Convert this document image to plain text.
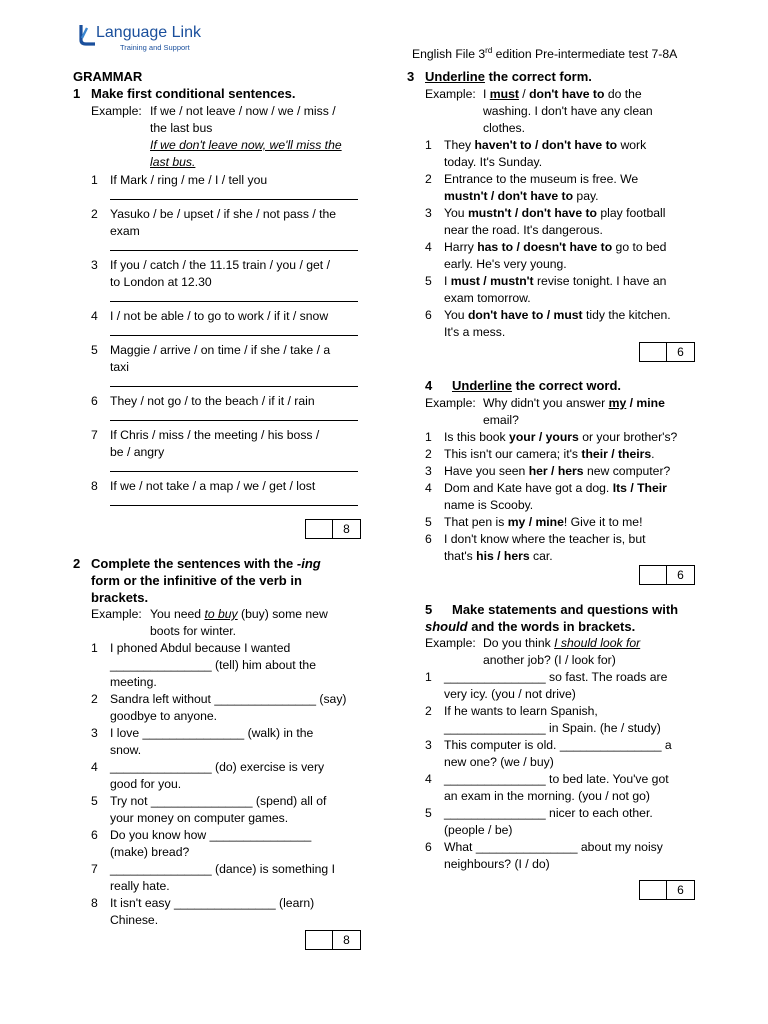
Language Link
Training and Support	English File 3rd edition Pre-intermediate test 7-8A
GRAMMAR
1 Make first conditional sentences.
Example: If we / not leave / now / we / miss /
the last bus
If we don't leave now, we'll miss the
last bus.
1 If Mark / ring / me / I / tell you
2 Yasuko / be / upset / if she / not pass / the
exam
3 If you / catch / the 11.15 train / you / get /
to London at 12.30
4 I / not be able / to go to work / if it / snow
5 Maggie / arrive / on time / if she / take / a
taxi
6 They / not go / to the beach / if it / rain
7 If Chris / miss / the meeting / his boss /
be / angry
8 If we / not take / a map / we / get / lost
8
2 Complete the sentences with the -ing
form or the infinitive of the verb in
brackets.
Example: You need to buy (buy) some new
boots for winter.
1 I phoned Abdul because I wanted
_______________ (tell) him about the
meeting.
2 Sandra left without _______________ (say)
goodbye to anyone.
3 I love _______________ (walk) in the
snow.
4 _______________ (do) exercise is very
good for you.
5 Try not _______________ (spend) all of
your money on computer games.
6 Do you know how _______________
(make) bread?
7 _______________ (dance) is something I
really hate.
8 It isn't easy _______________ (learn)
Chinese.
8
3 Underline the correct form.
Example: I must / don't have to do the
washing. I don't have any clean
clothes.
1 They haven't to / don't have to work
today. It's Sunday.
2 Entrance to the museum is free. We
mustn't / don't have to pay.
3 You mustn't / don't have to play football
near the road. It's dangerous.
4 Harry has to / doesn't have to go to bed
early. He's very young.
5 I must / mustn't revise tonight. I have an
exam tomorrow.
6 You don't have to / must tidy the kitchen.
It's a mess.
6
4 Underline the correct word.
Example: Why didn't you answer my / mine
email?
1 Is this book your / yours or your brother's?
2 This isn't our camera; it's their / theirs.
3 Have you seen her / hers new computer?
4 Dom and Kate have got a dog. Its / Their
name is Scooby.
5 That pen is my / mine! Give it to me!
6 I don't know where the teacher is, but
that's his / hers car.
6
5 Make statements and questions with
should and the words in brackets.
Example: Do you think I should look for
another job? (I / look for)
1 _______________ so fast. The roads are
very icy. (you / not drive)
2 If he wants to learn Spanish,
_______________ in Spain. (he / study)
3 This computer is old. _______________ a
new one? (we / buy)
4 _______________ to bed late. You've got
an exam in the morning. (you / not go)
5 _______________ nicer to each other.
(people / be)
6 What _______________ about my noisy
neighbours? (I / do)
6
